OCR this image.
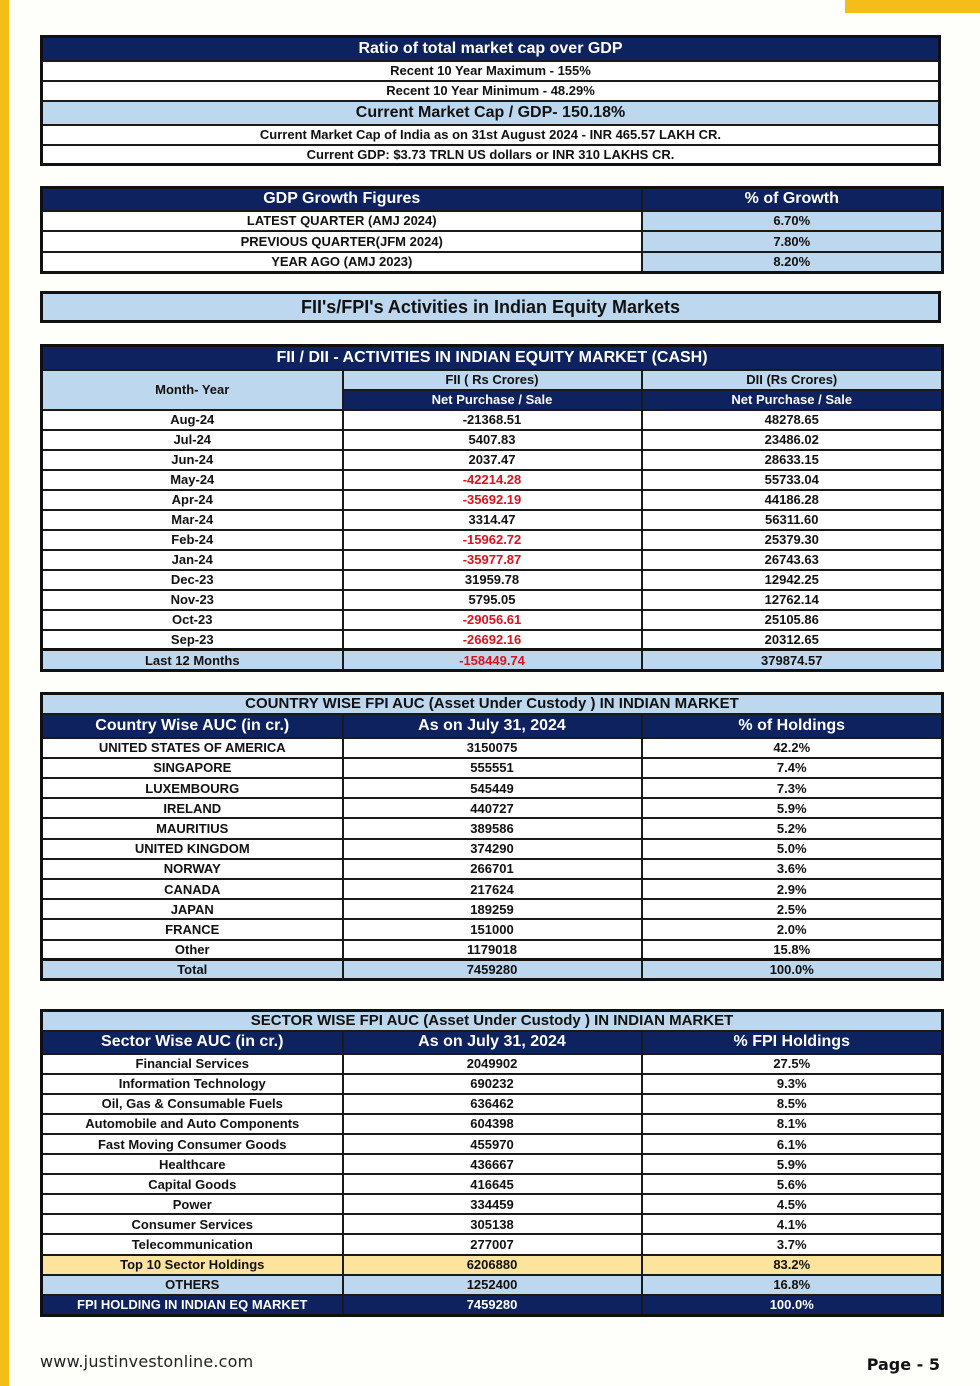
Ratio of total market cap over GDP
Recent 10 Year Maximum - 155%
Recent 10 Year Minimum - 48.29%
Current Market Cap / GDP- 150.18%
Current Market Cap of India as on 31st August 2024 - INR 465.57 LAKH CR.
Current GDP: $3.73 TRLN US dollars or INR 310 LAKHS CR.
GDP Growth Figures	% of Growth
LATEST QUARTER (AMJ 2024)	6.70%
PREVIOUS QUARTER(JFM 2024)	7.80%
YEAR AGO (AMJ 2023)	8.20%
FII's/FPI's Activities in Indian Equity Markets
FII / DII - ACTIVITIES IN INDIAN EQUITY MARKET (CASH)		
Month- Year	FII ( Rs Crores)	DII (Rs Crores)
	Net Purchase / Sale	Net Purchase / Sale
Aug-24	-21368.51	48278.65
Jul-24	5407.83	23486.02
Jun-24	2037.47	28633.15
May-24	-42214.28	55733.04
Apr-24	-35692.19	44186.28
Mar-24	3314.47	56311.60
Feb-24	-15962.72	25379.30
Jan-24	-35977.87	26743.63
Dec-23	31959.78	12942.25
Nov-23	5795.05	12762.14
Oct-23	-29056.61	25105.86
Sep-23	-26692.16	20312.65
Last 12 Months	-158449.74	379874.57
COUNTRY WISE FPI AUC (Asset Under Custody ) IN INDIAN MARKET		
Country Wise AUC (in cr.)	As on July 31, 2024	% of Holdings
UNITED STATES OF AMERICA	3150075	42.2%
SINGAPORE	555551	7.4%
LUXEMBOURG	545449	7.3%
IRELAND	440727	5.9%
MAURITIUS	389586	5.2%
UNITED KINGDOM	374290	5.0%
NORWAY	266701	3.6%
CANADA	217624	2.9%
JAPAN	189259	2.5%
FRANCE	151000	2.0%
Other	1179018	15.8%
Total	7459280	100.0%
SECTOR WISE FPI AUC (Asset Under Custody ) IN INDIAN MARKET		
Sector Wise AUC (in cr.)	As on July 31, 2024	% FPI Holdings
Financial Services	2049902	27.5%
Information Technology	690232	9.3%
Oil, Gas & Consumable Fuels	636462	8.5%
Automobile and Auto Components	604398	8.1%
Fast Moving Consumer Goods	455970	6.1%
Healthcare	436667	5.9%
Capital Goods	416645	5.6%
Power	334459	4.5%
Consumer Services	305138	4.1%
Telecommunication	277007	3.7%
Top 10 Sector Holdings	6206880	83.2%
OTHERS	1252400	16.8%
FPI HOLDING IN INDIAN EQ MARKET	7459280	100.0%
www.justinvestonline.com	Page - 5
